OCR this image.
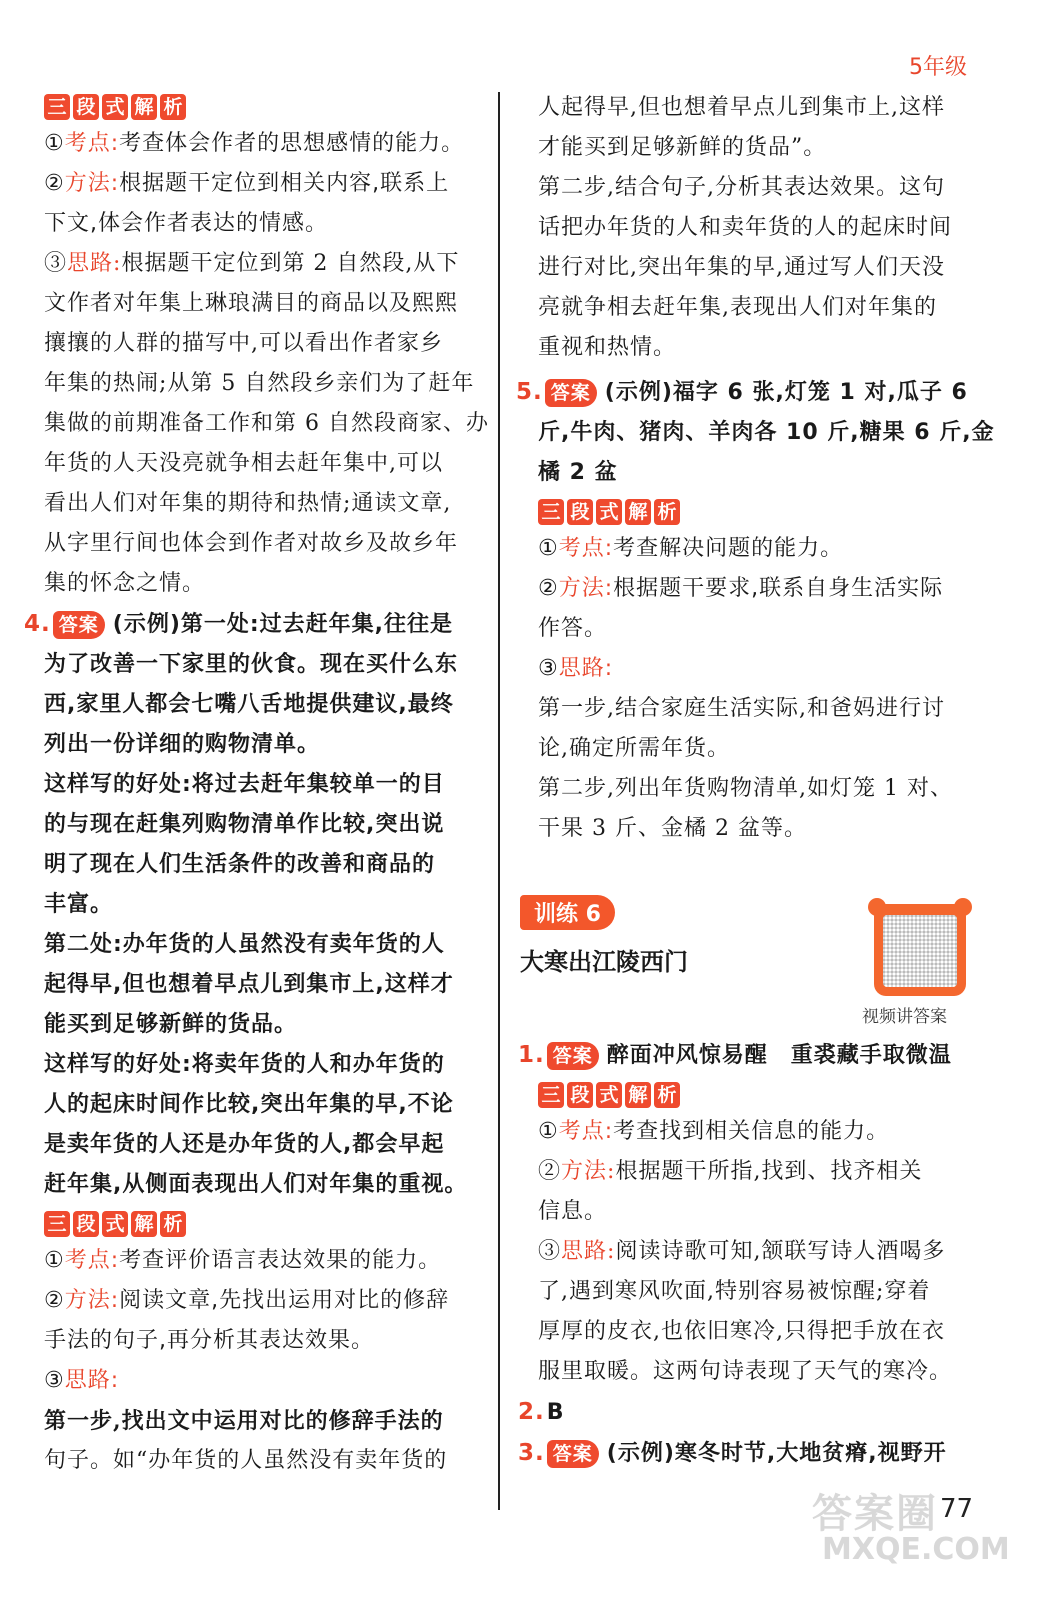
5年级
三 段 式 解 析
①考点:考查体会作者的思想感情的能力。
②方法:根据题干定位到相关内容,联系上
下文,体会作者表达的情感。
③思路:根据题干定位到第 2 自然段,从下
文作者对年集上琳琅满目的商品以及熙熙
攘攘的人群的描写中,可以看出作者家乡
年集的热闹;从第 5 自然段乡亲们为了赶年
集做的前期准备工作和第 6 自然段商家、办
年货的人天没亮就争相去赶年集中,可以
看出人们对年集的期待和热情;通读文章,
从字里行间也体会到作者对故乡及故乡年
集的怀念之情。
4. 答案 (示例)第一处:过去赶年集,往往是
为了改善一下家里的伙食。现在买什么东
西,家里人都会七嘴八舌地提供建议,最终
列出一份详细的购物清单。
这样写的好处:将过去赶年集较单一的目
的与现在赶集列购物清单作比较,突出说
明了现在人们生活条件的改善和商品的
丰富。
第二处:办年货的人虽然没有卖年货的人
起得早,但也想着早点儿到集市上,这样才
能买到足够新鲜的货品。
这样写的好处:将卖年货的人和办年货的
人的起床时间作比较,突出年集的早,不论
是卖年货的人还是办年货的人,都会早起
赶年集,从侧面表现出人们对年集的重视。
三 段 式 解 析
①考点:考查评价语言表达效果的能力。
②方法:阅读文章,先找出运用对比的修辞
手法的句子,再分析其表达效果。
③思路:
第一步,找出文中运用对比的修辞手法的
句子。如“办年货的人虽然没有卖年货的
人起得早,但也想着早点儿到集市上,这样
才能买到足够新鲜的货品”。
第二步,结合句子,分析其表达效果。这句
话把办年货的人和卖年货的人的起床时间
进行对比,突出年集的早,通过写人们天没
亮就争相去赶年集,表现出人们对年集的
重视和热情。
5. 答案 (示例)福字 6 张,灯笼 1 对,瓜子 6
斤,牛肉、猪肉、羊肉各 10 斤,糖果 6 斤,金
橘 2 盆
三 段 式 解 析
①考点:考查解决问题的能力。
②方法:根据题干要求,联系自身生活实际
作答。
③思路:
第一步,结合家庭生活实际,和爸妈进行讨
论,确定所需年货。
第二步,列出年货购物清单,如灯笼 1 对、
干果 3 斤、金橘 2 盆等。
训练 6
大寒出江陵西门
1. 答案 醉面冲风惊易醒　重裘藏手取微温
三 段 式 解 析
①考点:考查找到相关信息的能力。
②方法:根据题干所指,找到、找齐相关
信息。
③思路:阅读诗歌可知,颔联写诗人酒喝多
了,遇到寒风吹面,特别容易被惊醒;穿着
厚厚的皮衣,也依旧寒冷,只得把手放在衣
服里取暖。这两句诗表现了天气的寒冷。
2.B
3. 答案 (示例)寒冬时节,大地贫瘠,视野开
视频讲答案
答案圈
MXQE.COM
77
